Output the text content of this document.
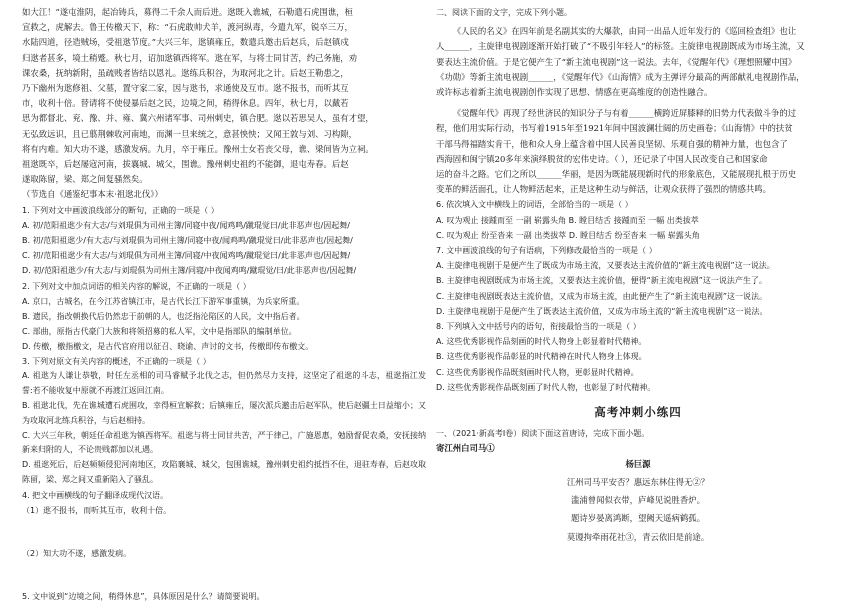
如大江！”遂屯淮阴，起冶铸兵，募得二千余人而后进。逖既入谯城，石勒遣石虎围谯，桓

宣救之，虎解去。鲁王传檄天下，称：“石虎敢帅犬羊，渡河纵毒，今遣九军，锐卒三万，

水陆四道，径造贼场，受祖逖节度。”大兴三年，逖镇雍丘，数遣兵邀击后赵兵，后赵镇戍

归逖者甚多，境土稍蹙。秋七月，诏加逖镇西将军。逖在军，与将士同甘苦，约己务施，劝

课农桑，抚纳新附，虽疏贱者皆结以恩礼。逖练兵积谷，为取河北之计。后赵王勒患之，

乃下幽州为逖修祖、父墓，置守家二家，因与逖书，求通使及互市。逖不报书，而听其互

市，收利十倍。替请将不使侵暴后赵之民，边境之间，稍得休息。四年，秋七月，以戴若

思为都督北、兖、豫、并、雍、冀六州诸军事、司州刺史，镇合肥。逖以若思吴人，虽有才望，

无弘致远识，且已翦荆棘收河南地，而渊一旦来统之，意甚怏怏；又闻王敦与刘、习构隙，

将有内难。知大功不遂，感激发病。九月，卒于雍丘。豫州士女若丧父母，谯、梁间皆为立祠。

祖逖既卒，后赵屡寇河南，拔襄城、城父，围谯。豫州刺史祖约不能御，退屯寿春。后赵

遂取陈留，梁、郑之间复骚然矣。

（节选自《通鉴纪事本末·祖逖北伐》）

1. 下列对文中画波浪线部分的断句，正确的一项是（ ）

A. 初/范阳祖逖少有大志/与刘琨俱为司州主簿/同寝中夜/闻鸡鸣/蹴琨觉曰/此非恶声也/因起舞/

B. 初/范阳祖逖少/有大志/与刘琨俱为司州主簿/同寝中夜/闻鸡鸣/蹴琨觉曰/此非恶声也/因起舞/

C. 初/范阳祖逖少有大志/与刘琨俱为司州主簿/同寝/中夜闻鸡鸣/蹴琨觉曰/此非恶声也/因起舞/

D. 初/范阳祖逖少/有大志/与刘琨俱为司州主簿/同寝/中夜闻鸡鸣/蹴琨觉/曰/此非恶声也/因起舞/

2. 下列对文中加点词语的相关内容的解说，不正确的一项是（ ）

A. 京口，古城名，在今江苏省镇江市，是古代长江下游军事重镇，为兵家所重。

B. 遗民，指改朝换代后仍然忠于前朝的人，也泛指沦陷区的人民，文中指后者。

C. 部曲，原指古代豪门大族和将领招募的私人军，文中是指部队的编制单位。

D. 传檄，檄指檄文，是古代官府用以征召、晓谕、声讨的文书，传檄即传布檄文。

3. 下列对原文有关内容的概述，不正确的一项是（ ）

A. 祖逖为人谦让恭敬，时任左丞相的司马睿赋予北伐之志，但仍然尽力支持，这坚定了祖逖的斗志，祖逖指江发誓:若不能收复中原就不再渡江返回江南。

B. 祖逖北伐，先在谯城遭石虎围攻，幸得桓宣解救；后镇雍丘，屡次派兵邀击后赵军队，使后赵疆土日益缩小；又为攻取河北练兵积谷，与后赵相持。

C. 大兴三年秋，朝廷任命祖逖为镇西将军。祖逖与将士同甘共苦，严于律己，广施恩惠，勉励督促农桑，安抚接纳新来归附的人，不论贵贱都加以礼遇。

D. 祖逖死后，后赵频频侵犯河南地区，攻陷襄城、城父，包围谯城，豫州刺史祖约抵挡不住，退驻寿春，后赵攻取陈留，梁、郑之间又重新陷入了骚乱。

4. 把文中画横线的句子翻译成现代汉语。

（1）逖不报书，而听其互市，收利十倍。

（2）知大功不遂，感激发病。

5. 文中说到“边境之间，稍得休息”，具体原因是什么？请简要说明。

二、阅读下面的文字，完成下列小题。

《人民的名义》在四年前是名副其实的大爆款，由同一出品人近年发行的《巡回检查组》也让

人______，主旋律电视剧逐渐开始打破了“不吸引年轻人”的标签。主旋律电视剧既成为市场主流，又

要表达主流价值。于是它便产生了“新主流电视剧”这一说法。去年，《觉醒年代》《理想照耀中国》

《功勋》等新主流电视剧______，《觉醒年代》《山海情》成为主弹评分最高的两部献礼电视剧作品，

或许标志着新主流电视剧创作实现了思想、情感在更高维度的创造性融合。

《觉醒年代》再现了经世济民的知识分子与有着______横跨近屏膝释的旧势力代表做斗争的过

程，他们用实际行动，书写着1915年至1921年间中国波澜壮阔的历史画卷；《山海情》中的扶贫

干部马得福踏实肯干，他和众人身上蕴含着中国人民善良坚韧、乐观自强的精神力量，也包含了

西海固和闽宁镇20多年来演绎脱贫的宏伟史诗。（ ），还记录了中国人民改变自己和国家命

运的奋斗之路。它们之所以______华丽，是因为既能展现新时代的形象底色，又能展现扎根于历史

变革的鲜活面孔，让人物鲜活起来，正是这种生动与鲜活，让观众获得了强烈的情感共鸣。

6. 依次填入文中横线上的词语，全部恰当的一项是（ ）

A. 叹为观止 接踵而至 一副 崭露头角 B. 瞠目结舌 接踵而至 一幅 出类拔萃

C. 叹为观止 纷至沓来 一副 出类拔萃 D. 瞠目结舌 纷至沓来 一幅 崭露头角

7. 文中画波浪线的句子有语病，下列修改最恰当的一项是（ ）

A. 主旋律电视剧于是便产生了既成为市场主流，又要表达主流价值的“新主流电视剧”这一说法。

B. 主旋律电视剧既成为市场主流，又要表达主流价值，便得“新主流电视剧”这一说法产生了。

C. 主旋律电视剧既表达主流价值，又成为市场主流，由此便产生了“新主流电视剧”这一说法。

D. 主旋律电视剧于是便产生了既表达主流价值，又成为市场主流的“新主流电视剧”这一说法。

8. 下列填入文中括号内的语句，衔接最恰当的一项是（ ）

A. 这些优秀影视作品刻画的时代人物身上彰显着时代精神。

B. 这些优秀影视作品彰显的时代精神在时代人物身上体现。

C. 这些优秀影视作品既刻画时代人物，更彰显时代精神。

D. 这些优秀影视作品既刻画了时代人物，也彰显了时代精神。

高考冲刺小练四

一、（2021·新高考Ⅰ卷）阅读下面这首唐诗，完成下面小题。

寄江州白司马①

杨巨源

江州司马平安否？惠远东林住得无②？

滥浦曾闻似衣带，庐峰见说胜香炉。

题诗岁晏离鸿断，望阙天遥病鹤孤。

莫谩拘牵雨花社③，青云依旧是前途。
